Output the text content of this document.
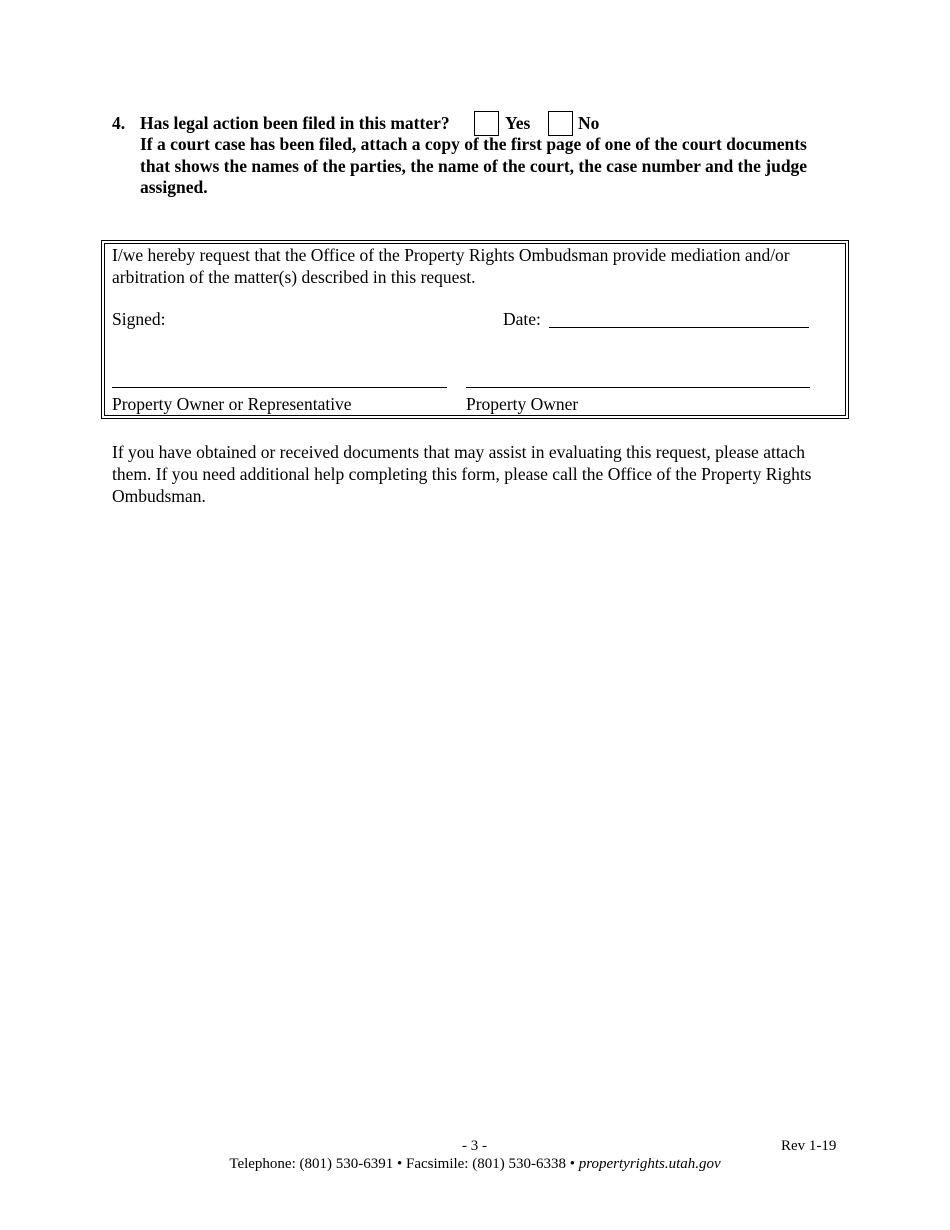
4. Has legal action been filed in this matter?	Yes	No
If a court case has been filed, attach a copy of the first page of one of the court documents that shows the names of the parties, the name of the court, the case number and the judge assigned.
I/we hereby request that the Office of the Property Rights Ombudsman provide mediation and/or arbitration of the matter(s) described in this request.
Signed:	Date:
Property Owner or Representative	Property Owner
If you have obtained or received documents that may assist in evaluating this request, please attach them. If you need additional help completing this form, please call the Office of the Property Rights Ombudsman.
- 3 -	Rev 1-19
Telephone: (801) 530-6391 • Facsimile: (801) 530-6338 • propertyrights.utah.gov
